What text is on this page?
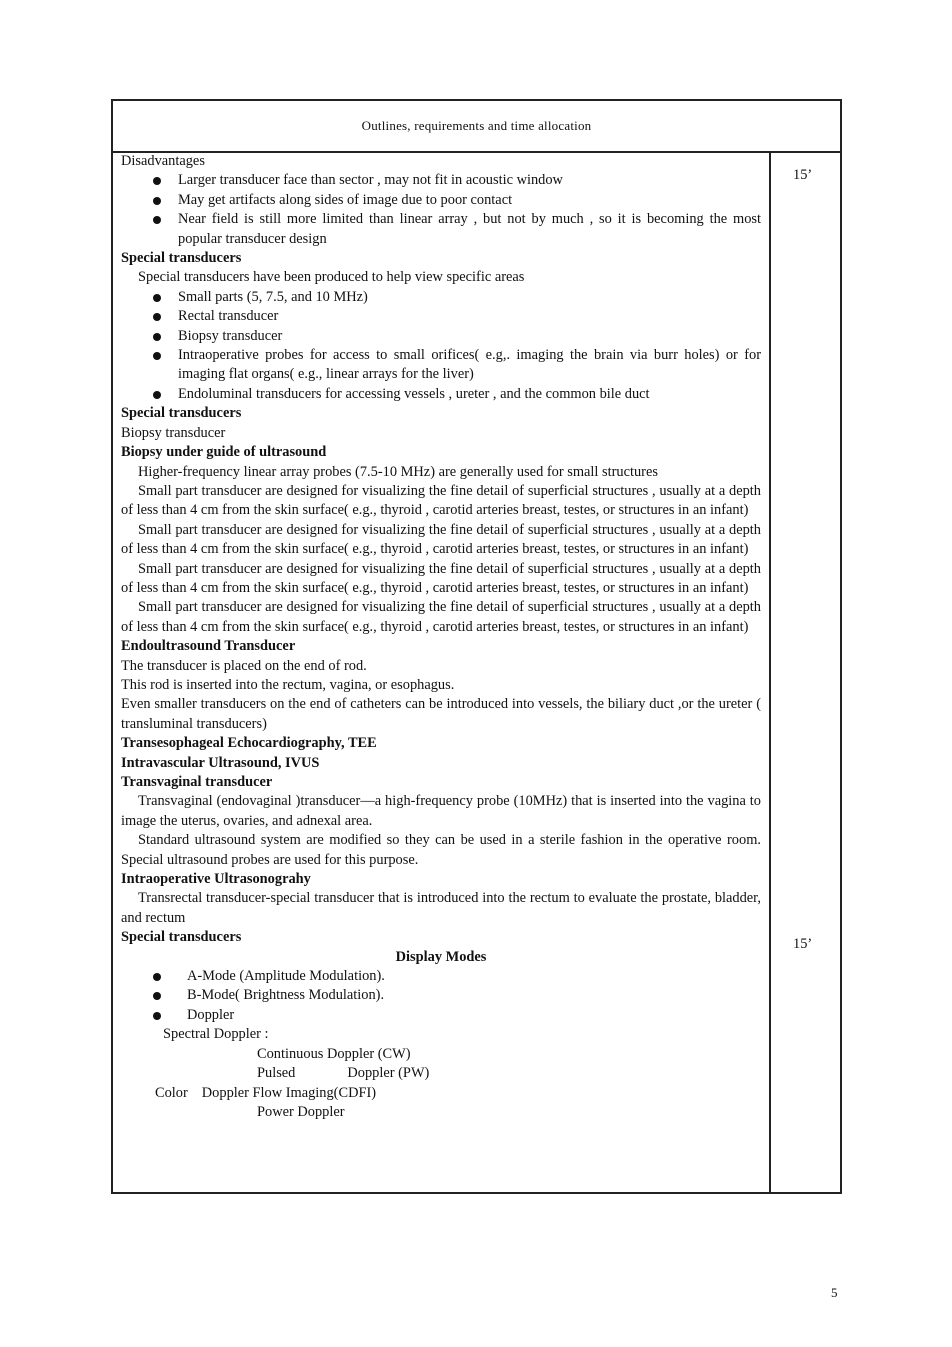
Outlines, requirements and time allocation

Disadvantages

Larger transducer face than sector , may not fit in acoustic window

May get artifacts along sides of image due to poor contact

Near field is still more limited than linear array , but not by much , so it is becoming the most popular transducer design

Special transducers

Special transducers have been produced to help view specific areas

Small parts (5, 7.5, and 10 MHz)

Rectal transducer

Biopsy transducer

Intraoperative probes for access to small orifices( e.g,. imaging the brain via burr holes) or for imaging flat organs( e.g., linear arrays for the liver)

Endoluminal transducers for accessing vessels , ureter , and the common bile duct

Special transducers

Biopsy transducer

Biopsy under guide of ultrasound

Higher-frequency linear array probes (7.5-10 MHz) are generally used for small structures

Small part transducer are designed for visualizing the fine detail of superficial structures , usually at a depth of less than 4 cm from the skin surface( e.g., thyroid , carotid arteries breast, testes, or structures in an infant)

Small part transducer are designed for visualizing the fine detail of superficial structures , usually at a depth of less than 4 cm from the skin surface( e.g., thyroid , carotid arteries breast, testes, or structures in an infant)

Small part transducer are designed for visualizing the fine detail of superficial structures , usually at a depth of less than 4 cm from the skin surface( e.g., thyroid , carotid arteries breast, testes, or structures in an infant)

Small part transducer are designed for visualizing the fine detail of superficial structures , usually at a depth of less than 4 cm from the skin surface( e.g., thyroid , carotid arteries breast, testes, or structures in an infant)

Endoultrasound Transducer

The transducer is placed on the end of rod.

This rod is inserted into the rectum, vagina, or esophagus.

Even smaller transducers on the end of catheters can be introduced into vessels, the biliary duct ,or the ureter ( transluminal transducers)

Transesophageal Echocardiography, TEE

Intravascular Ultrasound, IVUS

Transvaginal transducer

Transvaginal (endovaginal )transducer—a high-frequency probe (10MHz) that is inserted into the vagina to image the uterus, ovaries, and adnexal area.

Standard ultrasound system are modified so they can be used in a sterile fashion in the operative room. Special ultrasound probes are used for this purpose.

Intraoperative Ultrasonograhy

Transrectal transducer-special transducer that is introduced into the rectum to evaluate the prostate, bladder, and rectum

Special transducers

Display Modes

A-Mode (Amplitude Modulation).

B-Mode( Brightness Modulation).

Doppler

Spectral Doppler :

Continuous Doppler (CW)

Pulsed	Doppler (PW)

Color Doppler Flow Imaging(CDFI)

Power Doppler

15’
15’
5
